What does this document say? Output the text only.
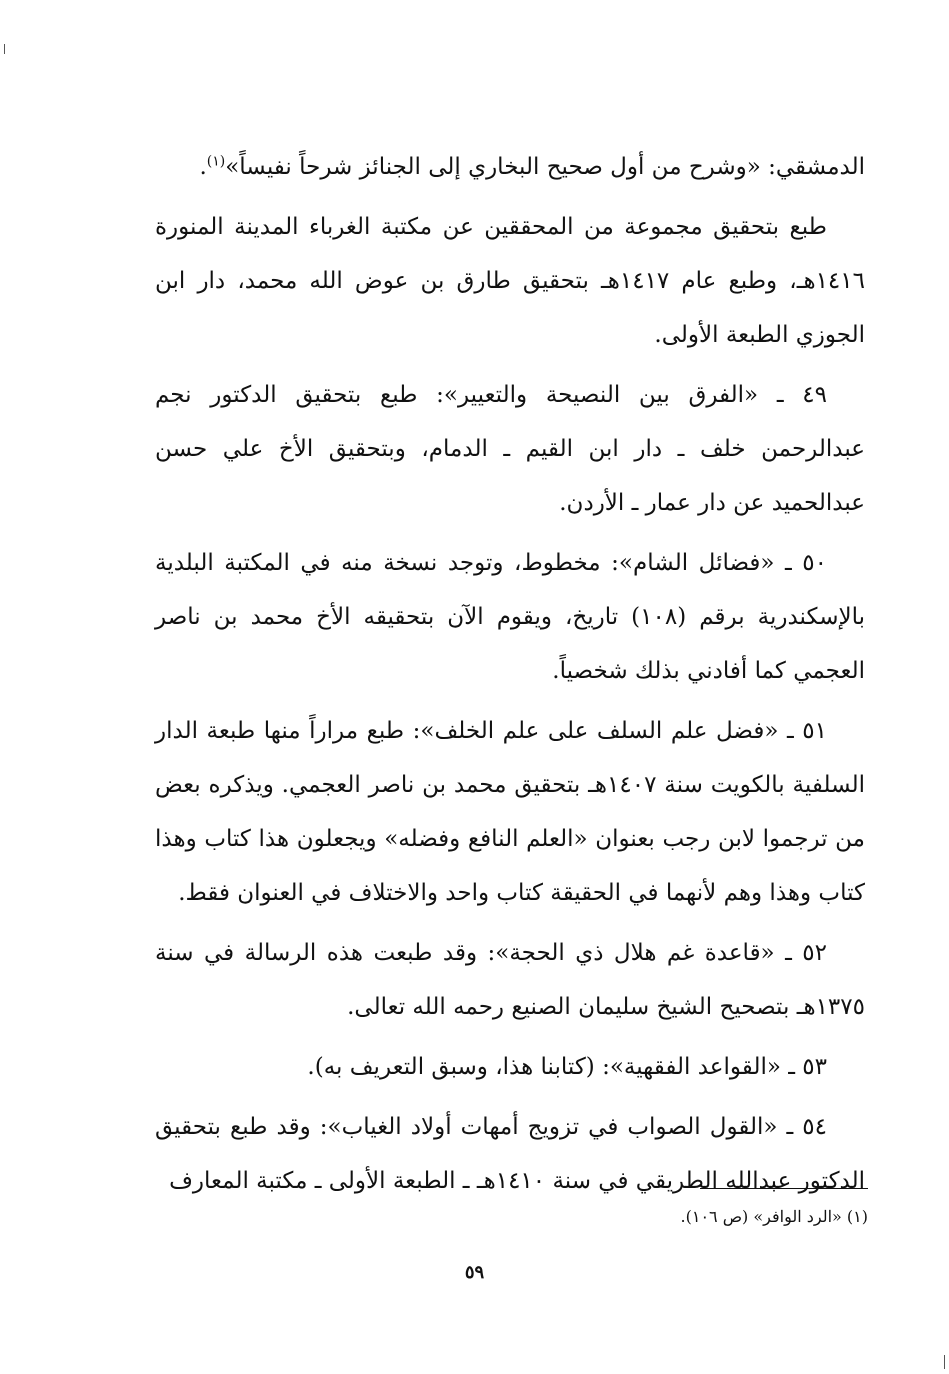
الدمشقي: «وشرح من أول صحيح البخاري إلى الجنائز شرحاً نفيساً»$^{(١)}$.

طبع بتحقيق مجموعة من المحققين عن مكتبة الغرباء المدينة المنورة ١٤١٦هـ، وطبع عام ١٤١٧هـ بتحقيق طارق بن عوض الله محمد، دار ابن الجوزي الطبعة الأولى.

٤٩ ـ «الفرق بين النصيحة والتعيير»: طبع بتحقيق الدكتور نجم عبدالرحمن خلف ـ دار ابن القيم ـ الدمام، وبتحقيق الأخ علي حسن عبدالحميد عن دار عمار ـ الأردن.

٥٠ ـ «فضائل الشام»: مخطوط، وتوجد نسخة منه في المكتبة البلدية بالإسكندرية برقم (١٠٨) تاريخ، ويقوم الآن بتحقيقه الأخ محمد بن ناصر العجمي كما أفادني بذلك شخصياً.

٥١ ـ «فضل علم السلف على علم الخلف»: طبع مراراً منها طبعة الدار السلفية بالكويت سنة ١٤٠٧هـ بتحقيق محمد بن ناصر العجمي. ويذكره بعض من ترجموا لابن رجب بعنوان «العلم النافع وفضله» ويجعلون هذا كتاب وهذا كتاب وهذا وهم لأنهما في الحقيقة كتاب واحد والاختلاف في العنوان فقط.

٥٢ ـ «قاعدة غم هلال ذي الحجة»: وقد طبعت هذه الرسالة في سنة ١٣٧٥هـ بتصحيح الشيخ سليمان الصنيع رحمه الله تعالى.

٥٣ ـ «القواعد الفقهية»: (كتابنا هذا، وسبق التعريف به).

٥٤ ـ «القول الصواب في تزويج أمهات أولاد الغياب»: وقد طبع بتحقيق الدكتور عبدالله الطريقي في سنة ١٤١٠هـ ـ الطبعة الأولى ـ مكتبة المعارف

(١) «الرد الوافر» (ص ١٠٦).
٥٩
